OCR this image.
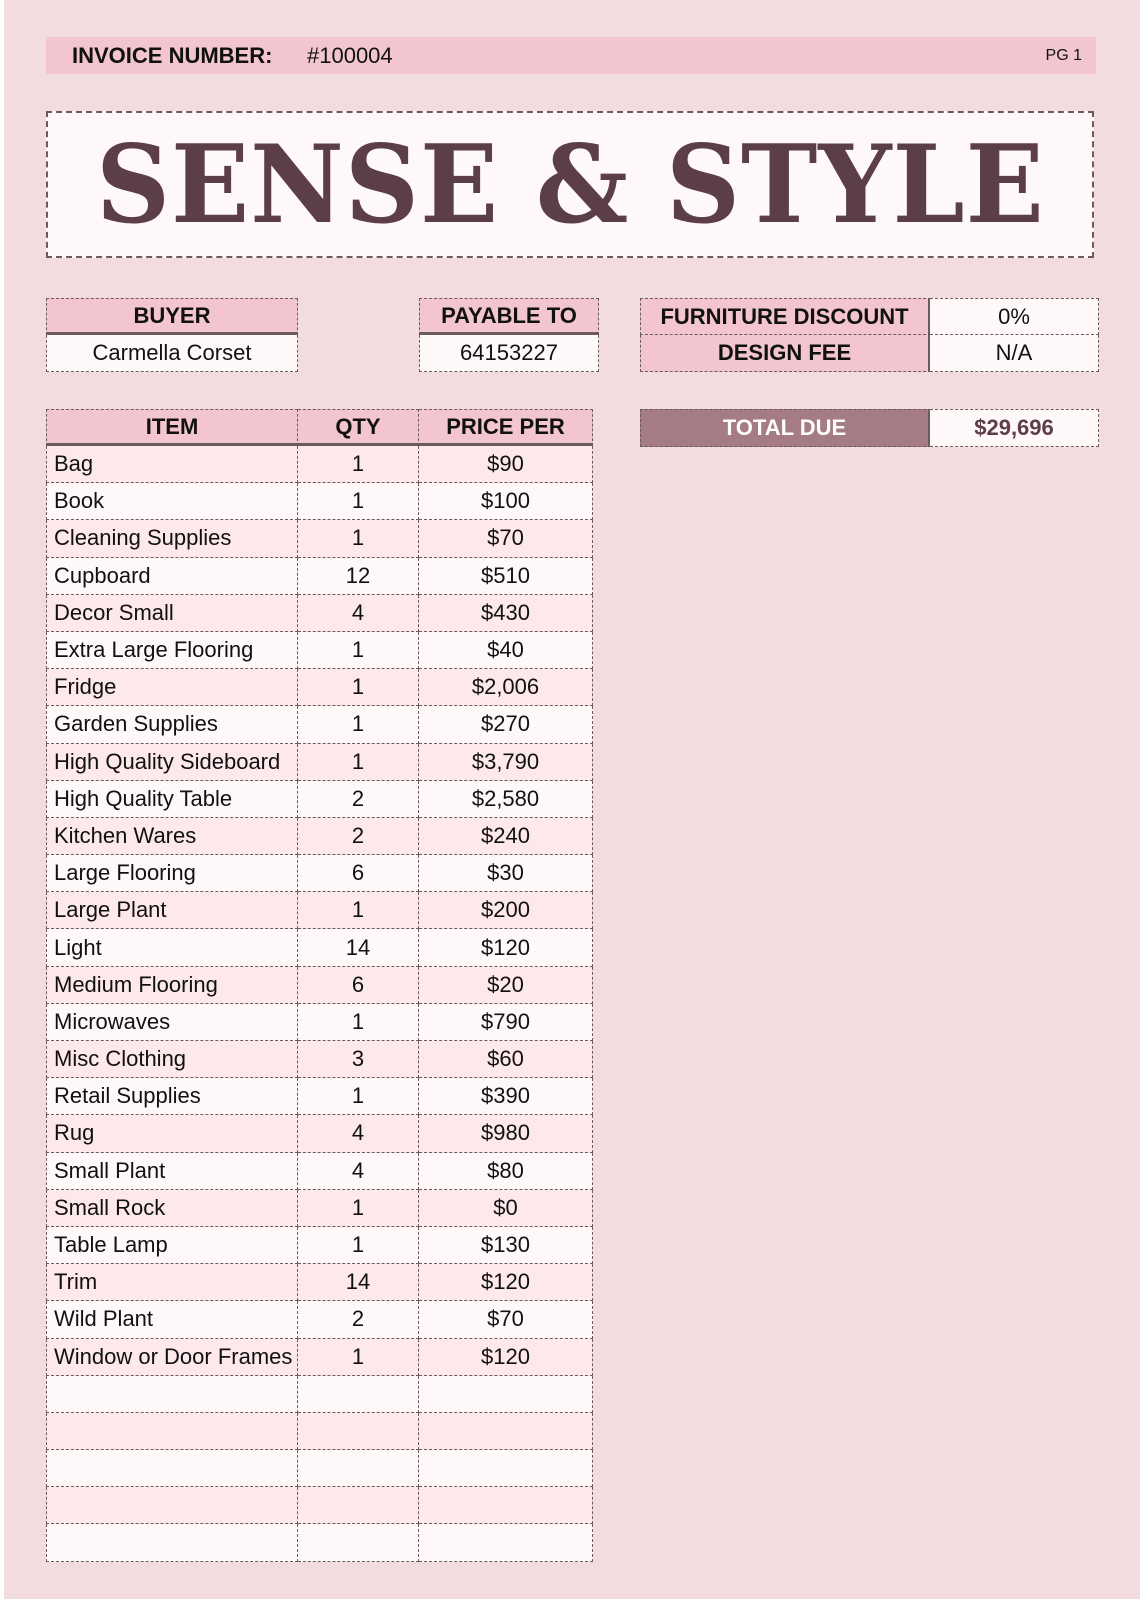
INVOICE NUMBER: #100004	PG 1
SENSE & STYLE
BUYER
Carmella Corset
PAYABLE TO
64153227
FURNITURE DISCOUNT	0%
DESIGN FEE	N/A
TOTAL DUE	$29,696
ITEM	QTY	PRICE PER
Bag	1	$90
Book	1	$100
Cleaning Supplies	1	$70
Cupboard	12	$510
Decor Small	4	$430
Extra Large Flooring	1	$40
Fridge	1	$2,006
Garden Supplies	1	$270
High Quality Sideboard	1	$3,790
High Quality Table	2	$2,580
Kitchen Wares	2	$240
Large Flooring	6	$30
Large Plant	1	$200
Light	14	$120
Medium Flooring	6	$20
Microwaves	1	$790
Misc Clothing	3	$60
Retail Supplies	1	$390
Rug	4	$980
Small Plant	4	$80
Small Rock	1	$0
Table Lamp	1	$130
Trim	14	$120
Wild Plant	2	$70
Window or Door Frames	1	$120
